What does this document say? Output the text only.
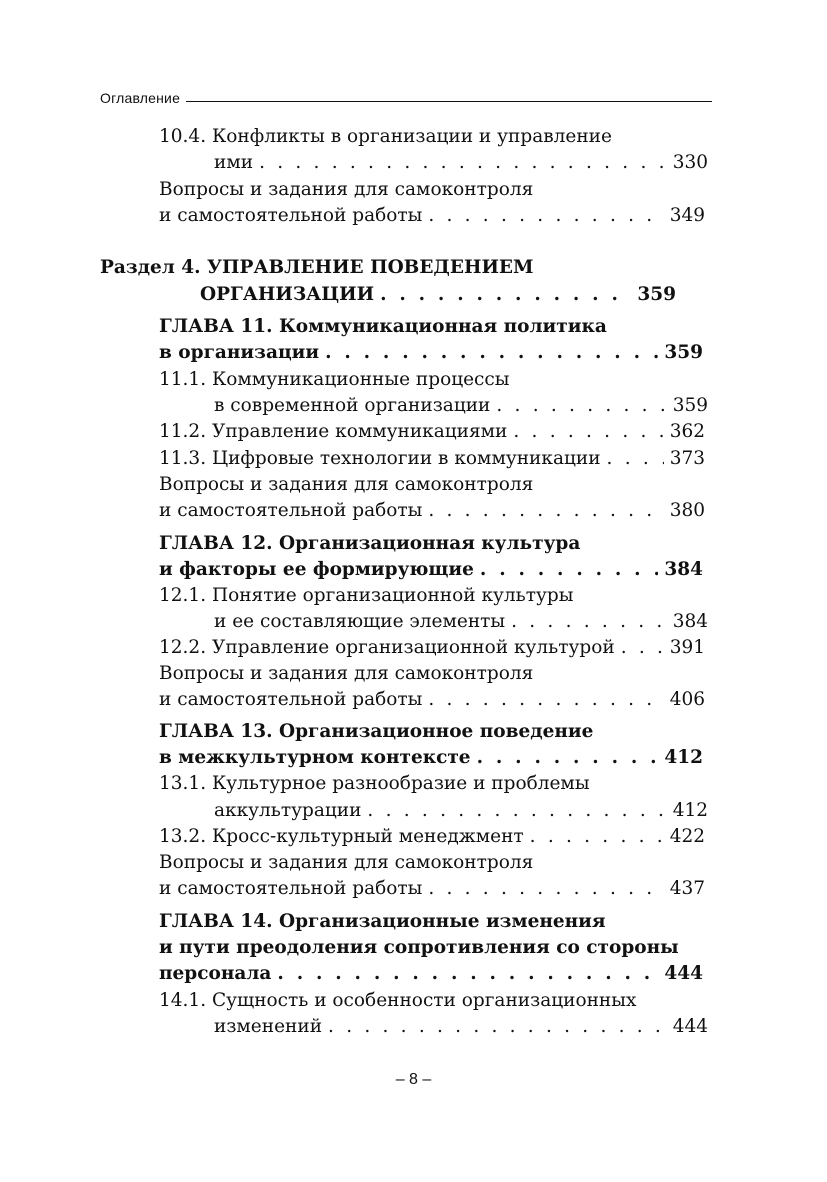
Оглавление
10.4. Конфликты в организации и управление
ими . . .	330
Вопросы и задания для самоконтроля
и самостоятельной работы . . .	349
Раздел 4. УПРАВЛЕНИЕ ПОВЕДЕНИЕМ
ОРГАНИЗАЦИИ . . .	359
ГЛАВА 11. Коммуникационная политика
в организации . . .	359
11.1. Коммуникационные процессы
в современной организации . . .	359
11.2. Управление коммуникациями . . .	362
11.3. Цифровые технологии в коммуникации . . .	373
Вопросы и задания для самоконтроля
и самостоятельной работы . . .	380
ГЛАВА 12. Организационная культура
и факторы ее формирующие . . .	384
12.1. Понятие организационной культуры
и ее составляющие элементы . . .	384
12.2. Управление организационной культурой . . .	391
Вопросы и задания для самоконтроля
и самостоятельной работы . . .	406
ГЛАВА 13. Организационное поведение
в межкультурном контексте . . .	412
13.1. Культурное разнообразие и проблемы
аккультурации . . .	412
13.2. Кросс-культурный менеджмент . . .	422
Вопросы и задания для самоконтроля
и самостоятельной работы . . .	437
ГЛАВА 14. Организационные изменения
и пути преодоления сопротивления со стороны
персонала . . .	444
14.1. Сущность и особенности организационных
изменений . . .	444
– 8 –
